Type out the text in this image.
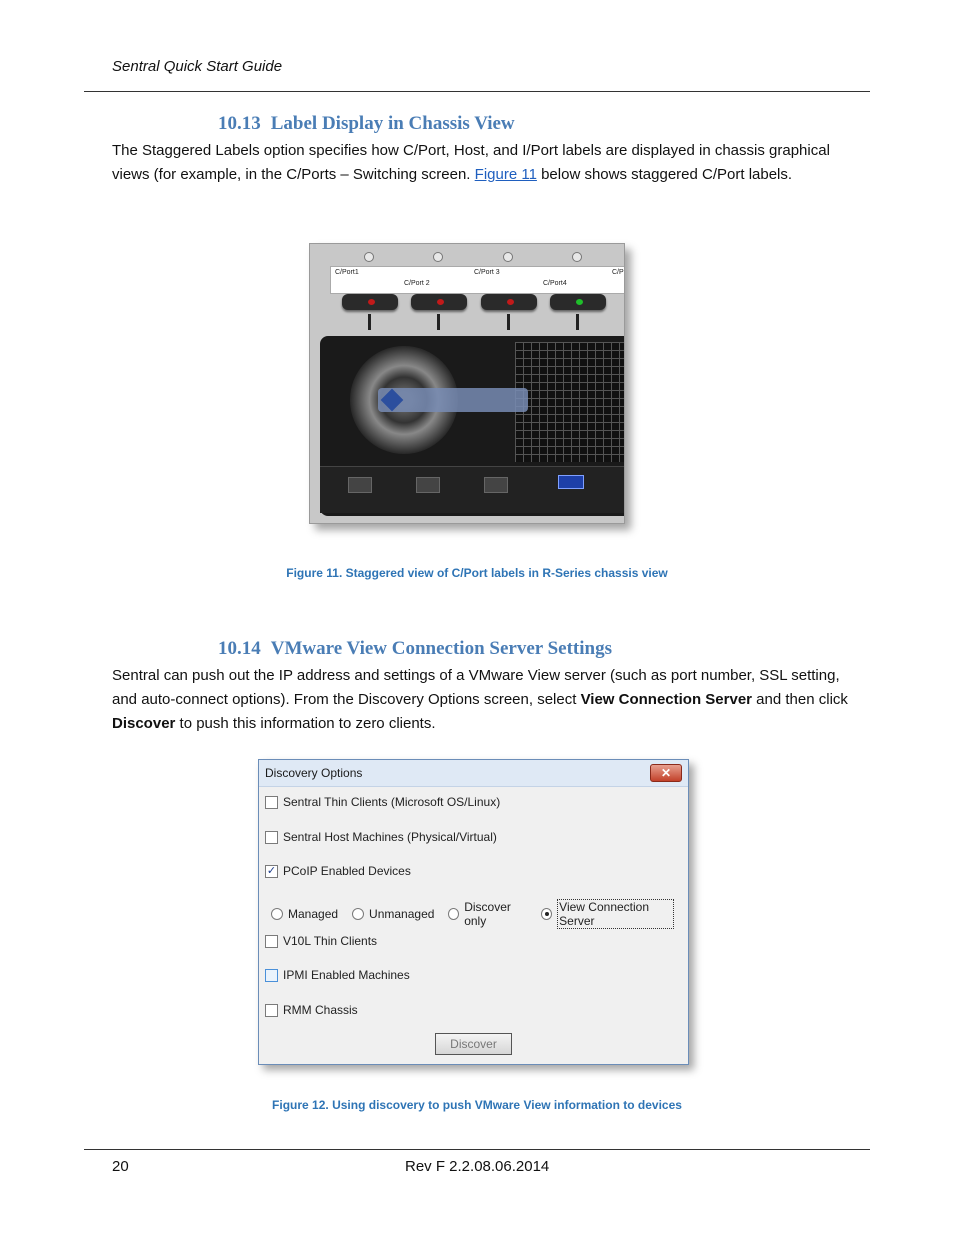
Sentral Quick Start Guide
10.13 Label Display in Chassis View
The Staggered Labels option specifies how C/Port, Host, and I/Port labels are displayed in chassis graphical views (for example, in the C/Ports – Switching screen. Figure 11 below shows staggered C/Port labels.
C/Port1
C/Port 2
C/Port 3
C/Port4
C/P
Figure 11. Staggered view of C/Port labels in R-Series chassis view
10.14 VMware View Connection Server Settings
Sentral can push out the IP address and settings of a VMware View server (such as port number, SSL setting, and auto-connect options). From the Discovery Options screen, select View Connection Server and then click Discover to push this information to zero clients.
Discovery Options	✕
Sentral Thin Clients (Microsoft OS/Linux)
Sentral Host Machines (Physical/Virtual)
✓ PCoIP Enabled Devices
Managed	Unmanaged Discover only
View Connection Server
V10L Thin Clients
IPMI Enabled Machines
RMM Chassis
Discover
Figure 12. Using discovery to push VMware View information to devices
20	Rev F 2.2.08.06.2014
